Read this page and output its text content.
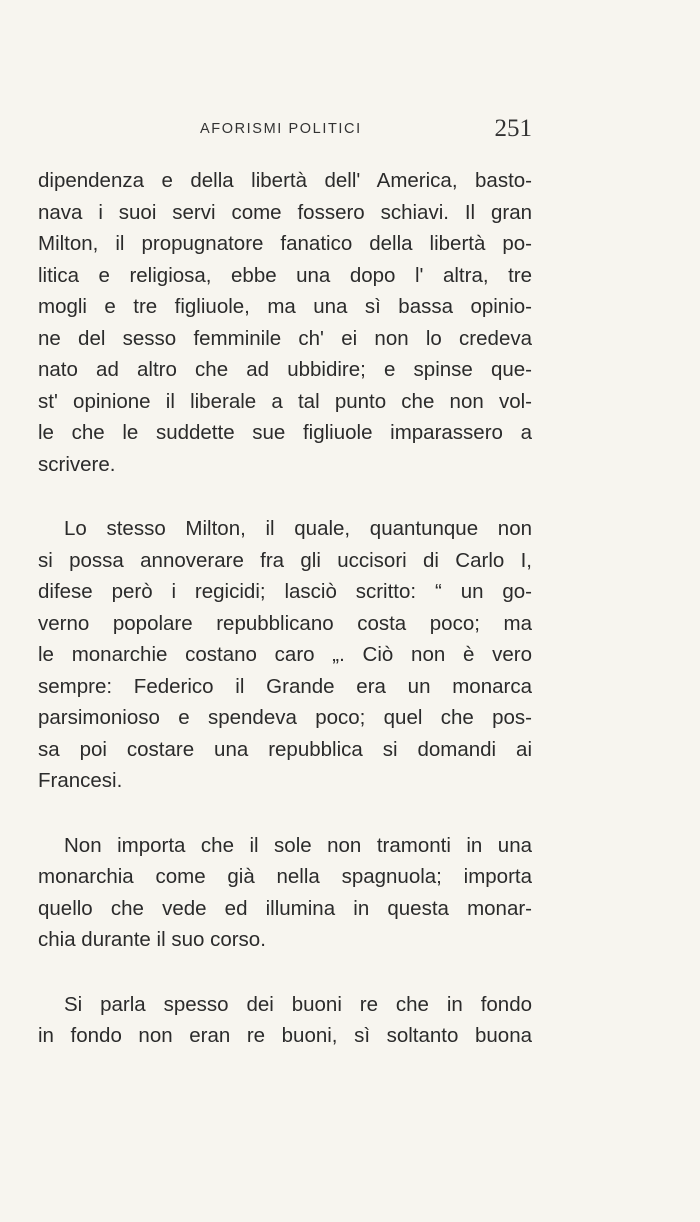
AFORISMI POLITICI	251
dipendenza e della libertà dell' America, basto-
nava i suoi servi come fossero schiavi. Il gran
Milton, il propugnatore fanatico della libertà po-
litica e religiosa, ebbe una dopo l' altra, tre
mogli e tre figliuole, ma una sì bassa opinio-
ne del sesso femminile ch' ei non lo credeva
nato ad altro che ad ubbidire; e spinse que-
st' opinione il liberale a tal punto che non vol-
le che le suddette sue figliuole imparassero a
scrivere.
Lo stesso Milton, il quale, quantunque non
si possa annoverare fra gli uccisori di Carlo I,
difese però i regicidi; lasciò scritto: “ un go-
verno popolare repubblicano costa poco; ma
le monarchie costano caro „. Ciò non è vero
sempre: Federico il Grande era un monarca
parsimonioso e spendeva poco; quel che pos-
sa poi costare una repubblica si domandi ai
Francesi.
Non importa che il sole non tramonti in una
monarchia come già nella spagnuola; importa
quello che vede ed illumina in questa monar-
chia durante il suo corso.
Si parla spesso dei buoni re che in fondo
in fondo non eran re buoni, sì soltanto buona
